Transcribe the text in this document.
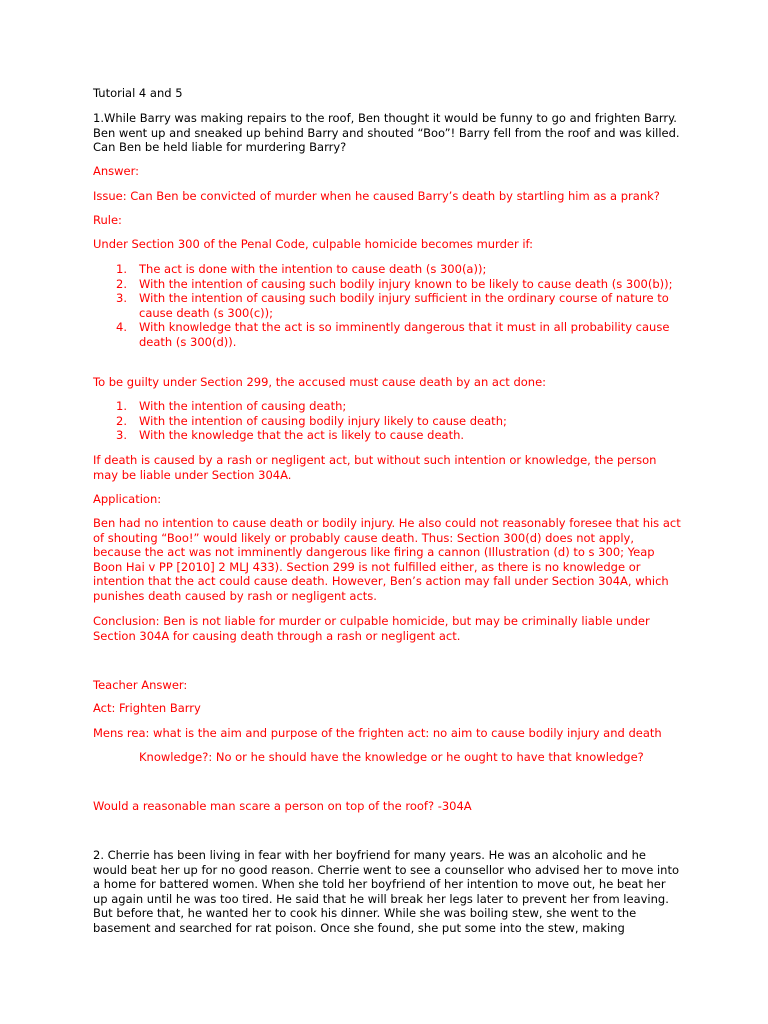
Tutorial 4 and 5

1.While Barry was making repairs to the roof, Ben thought it would be funny to go and frighten Barry. Ben went up and sneaked up behind Barry and shouted “Boo”! Barry fell from the roof and was killed. Can Ben be held liable for murdering Barry?

Answer:

Issue: Can Ben be convicted of murder when he caused Barry’s death by startling him as a prank?

Rule:

Under Section 300 of the Penal Code, culpable homicide becomes murder if:

1. The act is done with the intention to cause death (s 300(a));
2. With the intention of causing such bodily injury known to be likely to cause death (s 300(b));
3. With the intention of causing such bodily injury sufficient in the ordinary course of nature to cause death (s 300(c));
4. With knowledge that the act is so imminently dangerous that it must in all probability cause death (s 300(d)).

To be guilty under Section 299, the accused must cause death by an act done:

1. With the intention of causing death;
2. With the intention of causing bodily injury likely to cause death;
3. With the knowledge that the act is likely to cause death.

If death is caused by a rash or negligent act, but without such intention or knowledge, the person may be liable under Section 304A.

Application:

Ben had no intention to cause death or bodily injury. He also could not reasonably foresee that his act of shouting “Boo!” would likely or probably cause death. Thus: Section 300(d) does not apply, because the act was not imminently dangerous like firing a cannon (Illustration (d) to s 300; Yeap Boon Hai v PP [2010] 2 MLJ 433). Section 299 is not fulfilled either, as there is no knowledge or intention that the act could cause death. However, Ben’s action may fall under Section 304A, which punishes death caused by rash or negligent acts.

Conclusion: Ben is not liable for murder or culpable homicide, but may be criminally liable under Section 304A for causing death through a rash or negligent act.

Teacher Answer:

Act: Frighten Barry

Mens rea: what is the aim and purpose of the frighten act: no aim to cause bodily injury and death

Knowledge?: No or he should have the knowledge or he ought to have that knowledge?

Would a reasonable man scare a person on top of the roof? -304A

2. Cherrie has been living in fear with her boyfriend for many years. He was an alcoholic and he would beat her up for no good reason. Cherrie went to see a counsellor who advised her to move into a home for battered women. When she told her boyfriend of her intention to move out, he beat her up again until he was too tired. He said that he will break her legs later to prevent her from leaving. But before that, he wanted her to cook his dinner. While she was boiling stew, she went to the basement and searched for rat poison. Once she found, she put some into the stew, making
